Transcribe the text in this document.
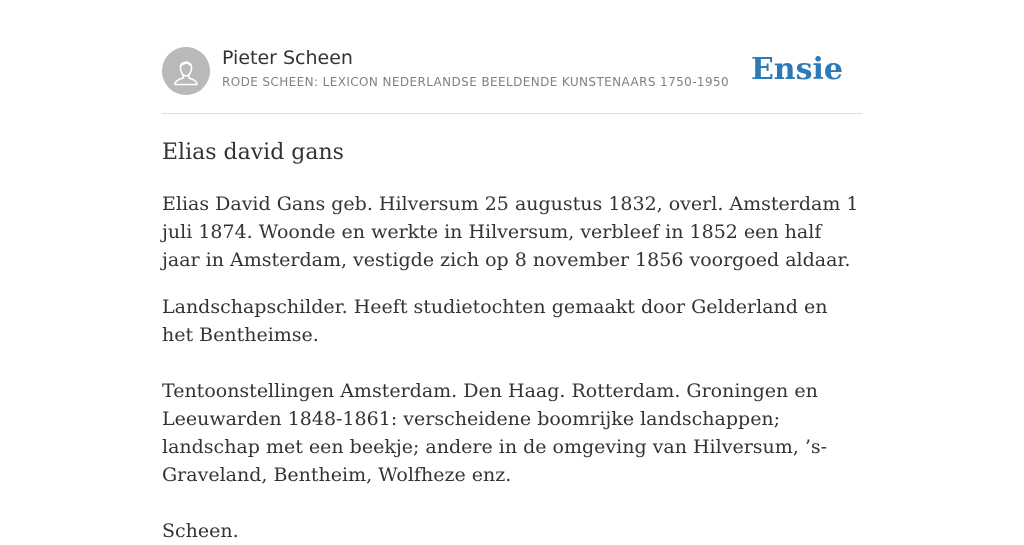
Pieter Scheen
RODE SCHEEN: LEXICON NEDERLANDSE BEELDENDE KUNSTENAARS 1750-1950 Ensie
Elias david gans

Elias David Gans geb. Hilversum 25 augustus 1832, overl. Amsterdam 1 juli 1874. Woonde en werkte in Hilversum, verbleef in 1852 een half jaar in Amsterdam, vestigde zich op 8 november 1856 voorgoed aldaar.

Landschapschilder. Heeft studietochten gemaakt door Gelderland en het Bentheimse.

Tentoonstellingen Amsterdam. Den Haag. Rotterdam. Groningen en Leeuwarden 1848-1861: verscheidene boomrijke landschappen; landschap met een beekje; andere in de omgeving van Hilversum, ’s-Graveland, Bentheim, Wolfheze enz.

Scheen.
